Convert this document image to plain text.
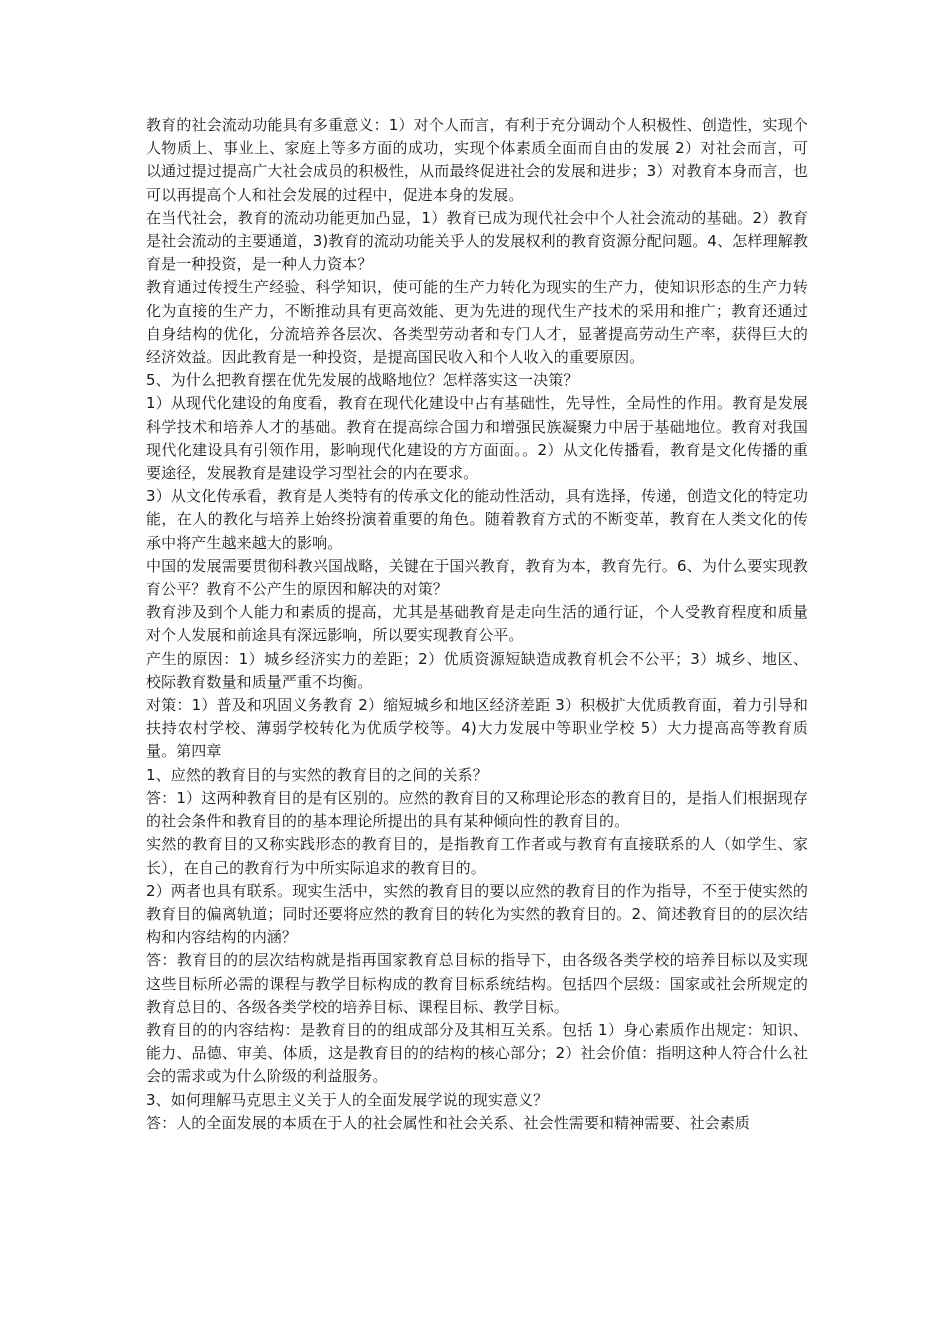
教育的社会流动功能具有多重意义：1）对个人而言，有利于充分调动个人积极性、创造性，实现个人物质上、事业上、家庭上等多方面的成功，实现个体素质全面而自由的发展 2）对社会而言，可以通过提过提高广大社会成员的积极性，从而最终促进社会的发展和进步；3）对教育本身而言，也可以再提高个人和社会发展的过程中，促进本身的发展。

在当代社会，教育的流动功能更加凸显，1）教育已成为现代社会中个人社会流动的基础。2）教育是社会流动的主要通道，3)教育的流动功能关乎人的发展权利的教育资源分配问题。4、怎样理解教育是一种投资，是一种人力资本？

教育通过传授生产经验、科学知识，使可能的生产力转化为现实的生产力，使知识形态的生产力转化为直接的生产力，不断推动具有更高效能、更为先进的现代生产技术的采用和推广；教育还通过自身结构的优化，分流培养各层次、各类型劳动者和专门人才，显著提高劳动生产率，获得巨大的经济效益。因此教育是一种投资，是提高国民收入和个人收入的重要原因。

5、为什么把教育摆在优先发展的战略地位？怎样落实这一决策？

1）从现代化建设的角度看，教育在现代化建设中占有基础性，先导性，全局性的作用。教育是发展科学技术和培养人才的基础。教育在提高综合国力和增强民族凝聚力中居于基础地位。教育对我国现代化建设具有引领作用，影响现代化建设的方方面面。。2）从文化传播看，教育是文化传播的重要途径，发展教育是建设学习型社会的内在要求。

3）从文化传承看，教育是人类特有的传承文化的能动性活动，具有选择，传递，创造文化的特定功能，在人的教化与培养上始终扮演着重要的角色。随着教育方式的不断变革，教育在人类文化的传承中将产生越来越大的影响。

中国的发展需要贯彻科教兴国战略，关键在于国兴教育，教育为本，教育先行。6、为什么要实现教育公平？教育不公产生的原因和解决的对策？

教育涉及到个人能力和素质的提高，尤其是基础教育是走向生活的通行证，个人受教育程度和质量对个人发展和前途具有深远影响，所以要实现教育公平。

产生的原因：1）城乡经济实力的差距；2）优质资源短缺造成教育机会不公平；3）城乡、地区、校际教育数量和质量严重不均衡。

对策：1）普及和巩固义务教育 2）缩短城乡和地区经济差距 3）积极扩大优质教育面，着力引导和扶持农村学校、薄弱学校转化为优质学校等。4)大力发展中等职业学校 5）大力提高高等教育质量。第四章

1、应然的教育目的与实然的教育目的之间的关系？

答：1）这两种教育目的是有区别的。应然的教育目的又称理论形态的教育目的，是指人们根据现存的社会条件和教育目的的基本理论所提出的具有某种倾向性的教育目的。

实然的教育目的又称实践形态的教育目的，是指教育工作者或与教育有直接联系的人（如学生、家长），在自己的教育行为中所实际追求的教育目的。

2）两者也具有联系。现实生活中，实然的教育目的要以应然的教育目的作为指导，不至于使实然的教育目的偏离轨道；同时还要将应然的教育目的转化为实然的教育目的。2、简述教育目的的层次结构和内容结构的内涵？

答：教育目的的层次结构就是指再国家教育总目标的指导下，由各级各类学校的培养目标以及实现这些目标所必需的课程与教学目标构成的教育目标系统结构。包括四个层级：国家或社会所规定的教育总目的、各级各类学校的培养目标、课程目标、教学目标。

教育目的的内容结构：是教育目的的组成部分及其相互关系。包括 1）身心素质作出规定：知识、能力、品德、审美、体质，这是教育目的的结构的核心部分；2）社会价值：指明这种人符合什么社会的需求或为什么阶级的利益服务。

3、如何理解马克思主义关于人的全面发展学说的现实意义？

答：人的全面发展的本质在于人的社会属性和社会关系、社会性需要和精神需要、社会素质
